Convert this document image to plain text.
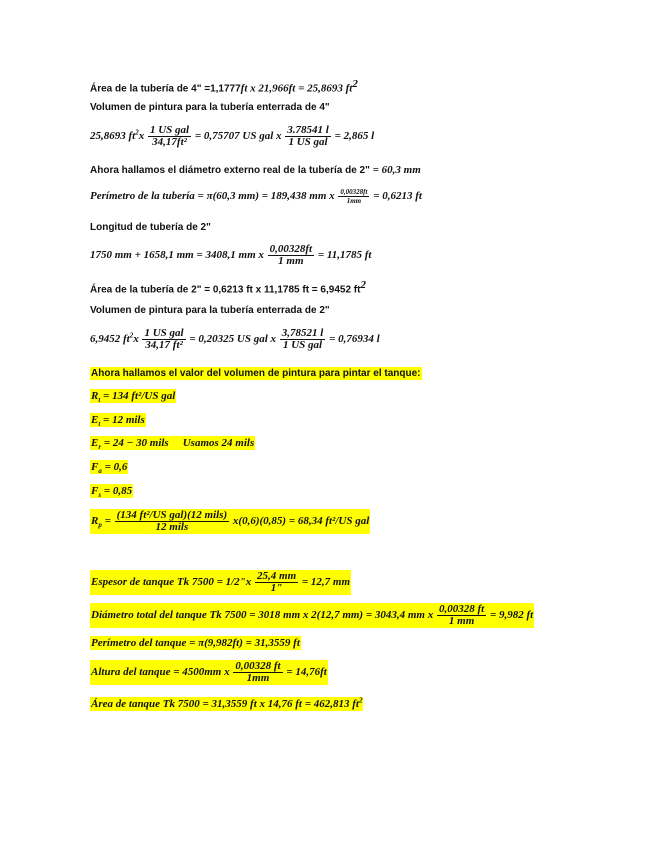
Área de la tubería de 4" =1,1777ft x 21,966ft = 25,8693 $ft^2$
Volumen de pintura para la tubería enterrada de 4"
25,8693 $ft^2x \frac{\text{1 US gal}}{\text{34,17ft²}} = 0,75707$ US gal x $\frac{3.78541 l}{\text{1 US gal}} = 2,865$ l
Ahora hallamos el diámetro externo real de la tubería de 2" = 60,3 mm
Perímetro de la tubería = π(60,3 mm) = 189,438 mm x $\frac{0,00328ft}{1mm} = 0,6213$ ft
Longitud de tubería de 2"
1750 mm + 1658,1 mm = 3408,1 mm x $\frac{0,00328ft}{1 mm} = 11,1785$ ft
Área de la tubería de 2" = 0,6213 ft x 11,1785 ft = 6,9452 $ft^2$
Volumen de pintura para la tubería enterrada de 2"
6,9452 $ft^2x \frac{\text{1 US gal}}{\text{34,17 ft²}} = 0,20325$ US gal x $\frac{3,78521 l}{\text{1 US gal}} = 0,76934$ l
Ahora hallamos el valor del volumen de pintura para pintar el tanque:
$R_t = 134$ ft²/US gal
$E_t = 12$ mils
$E_r = 24 - 30$ mils Usamos 24 mils
$F_a = 0,6$
$F_s = 0,85$
$R_p = \frac{\text{(134 ft²/US gal)(12 mils)}}{\text{12 mils}} x(0,6)(0,85) = 68,34$ ft²/US gal
Espesor de tanque Tk 7500 = 1/2"x $\frac{25,4 mm}{1"} = 12,7$ mm
Diámetro total del tanque Tk 7500 = 3018 mm x 2(12,7 mm) = 3043,4 mm x $\frac{0,00328 ft}{1 mm} = 9,982$ ft
Perímetro del tanque = π(9,982ft) = 31,3559 ft
Altura del tanque = 4500mm x $\frac{0,00328 ft}{1mm} = 14,76ft$
Área de tanque Tk 7500 = 31,3559 ft x 14,76 ft = 462,813 $ft^2$
